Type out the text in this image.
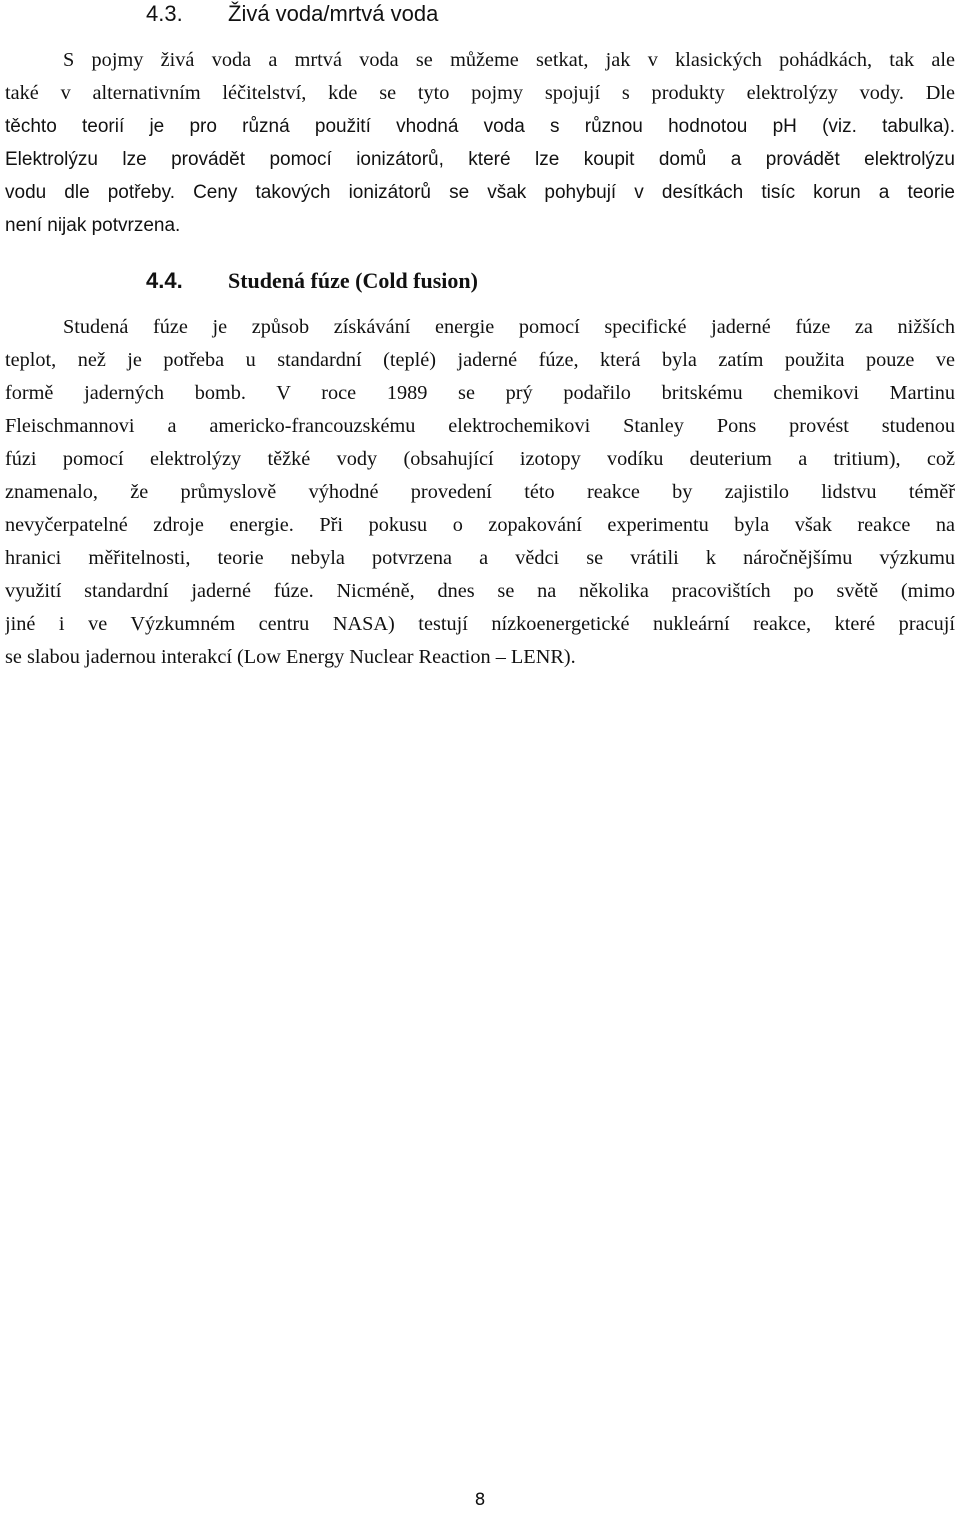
4.3. Živá voda/mrtvá voda
S pojmy živá voda a mrtvá voda se můžeme setkat, jak v klasických pohádkách, tak ale
také v alternativním léčitelství, kde se tyto pojmy spojují s produkty elektrolýzy vody. Dle
těchto teorií je pro různá použití vhodná voda s různou hodnotou pH (viz. tabulka).
Elektrolýzu lze provádět pomocí ionizátorů, které lze koupit domů a provádět elektrolýzu
vodu dle potřeby. Ceny takových ionizátorů se však pohybují v desítkách tisíc korun a teorie
není nijak potvrzena.
4.4. Studená fúze (Cold fusion)
Studená fúze je způsob získávání energie pomocí specifické jaderné fúze za nižších
teplot, než je potřeba u standardní (teplé) jaderné fúze, která byla zatím použita pouze ve
formě jaderných bomb. V roce 1989 se prý podařilo britskému chemikovi Martinu
Fleischmannovi a americko-francouzskému elektrochemikovi Stanley Pons provést studenou
fúzi pomocí elektrolýzy těžké vody (obsahující izotopy vodíku deuterium a tritium), což
znamenalo, že průmyslově výhodné provedení této reakce by zajistilo lidstvu téměř
nevyčerpatelné zdroje energie. Při pokusu o zopakování experimentu byla však reakce na
hranici měřitelnosti, teorie nebyla potvrzena a vědci se vrátili k náročnějšímu výzkumu
využití standardní jaderné fúze. Nicméně, dnes se na několika pracovištích po světě (mimo
jiné i ve Výzkumném centru NASA) testují nízkoenergetické nukleární reakce, které pracují
se slabou jadernou interakcí (Low Energy Nuclear Reaction – LENR).
8
